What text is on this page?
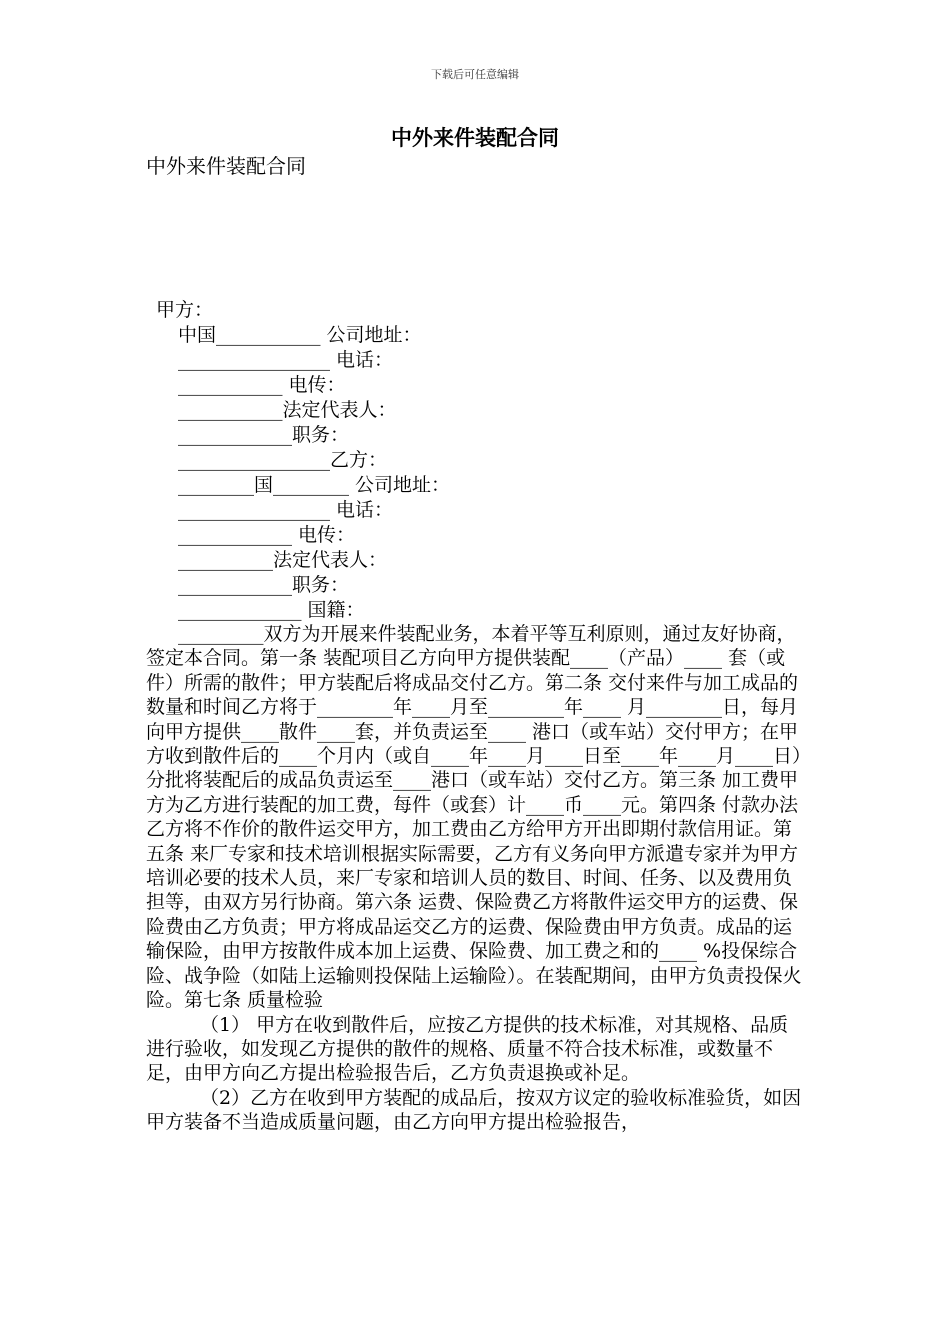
下载后可任意编辑
中外来件装配合同
中外来件装配合同
甲方：
中国___________ 公司地址：
________________ 电话：
___________ 电传：
___________法定代表人：
____________职务：
________________乙方：
________国________ 公司地址：
________________ 电话：
____________ 电传：
__________法定代表人：
____________职务：
_____________ 国籍：

_________双方为开展来件装配业务，本着平等互利原则，通过友好协商，签定本合同。第一条 装配项目乙方向甲方提供装配____（产品）____ 套（或件）所需的散件；甲方装配后将成品交付乙方。第二条 交付来件与加工成品的数量和时间乙方将于________年____月至________年____ 月________日，每月向甲方提供____散件____套，并负责运至____ 港口（或车站）交付甲方；在甲方收到散件后的____个月内（或自____年____月____日至____年____月____日）分批将装配后的成品负责运至____港口（或车站）交付乙方。第三条 加工费甲方为乙方进行装配的加工费，每件（或套）计____币____元。第四条 付款办法乙方将不作价的散件运交甲方，加工费由乙方给甲方开出即期付款信用证。第五条 来厂专家和技术培训根据实际需要，乙方有义务向甲方派遣专家并为甲方培训必要的技术人员，来厂专家和培训人员的数目、时间、任务、以及费用负担等，由双方另行协商。第六条 运费、保险费乙方将散件运交甲方的运费、保险费由乙方负责；甲方将成品运交乙方的运费、保险费由甲方负责。成品的运输保险，由甲方按散件成本加上运费、保险费、加工费之和的____ %投保综合险、战争险（如陆上运输则投保陆上运输险）。在装配期间，由甲方负责投保火险。第七条 质量检验

（1） 甲方在收到散件后，应按乙方提供的技术标准，对其规格、品质进行验收，如发现乙方提供的散件的规格、质量不符合技术标准，或数量不足，由甲方向乙方提出检验报告后，乙方负责退换或补足。

（2）乙方在收到甲方装配的成品后，按双方议定的验收标准验货，如因甲方装备不当造成质量问题，由乙方向甲方提出检验报告，
